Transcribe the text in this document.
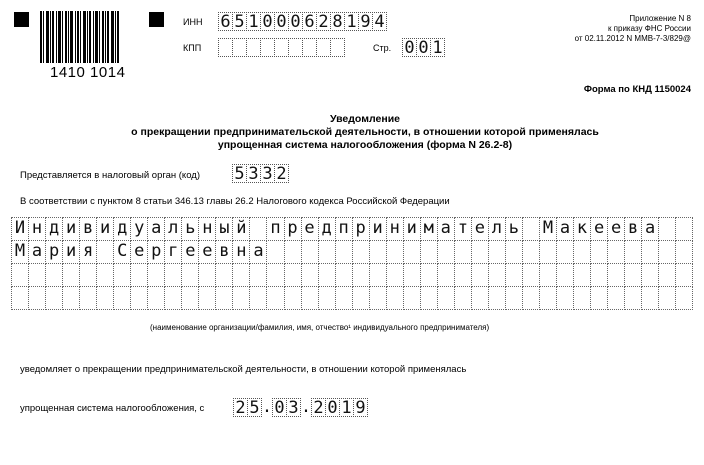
1410 1014
ИНН 6 5 1 0 0 0 6 2 8 1 9 4
КПП	Стр. 0 0 1
Приложение N 8
к приказу ФНС России
от 02.11.2012 N ММВ-7-3/829@
Форма по КНД 1150024
Уведомление
о прекращении предпринимательской деятельности, в отношении которой применялась
упрощенная система налогообложения (форма N 26.2-8)
Представляется в налоговый орган (код) 5 3 3 2
В соответствии с пунктом 8 статьи 346.13 главы 26.2 Налогового кодекса Российской Федерации
И н д и в и д у а л ь н ы й п р е д п р и н и м а т е л ь М а к е е в а
М а р и я С е р г е е в н а
(наименование организации/фамилия, имя, отчество¹ индивидуального предпринимателя)
уведомляет о прекращении предпринимательской деятельности, в отношении которой применялась
упрощенная система налогообложения, с 2 5 . 0 3 . 2 0 1 9
